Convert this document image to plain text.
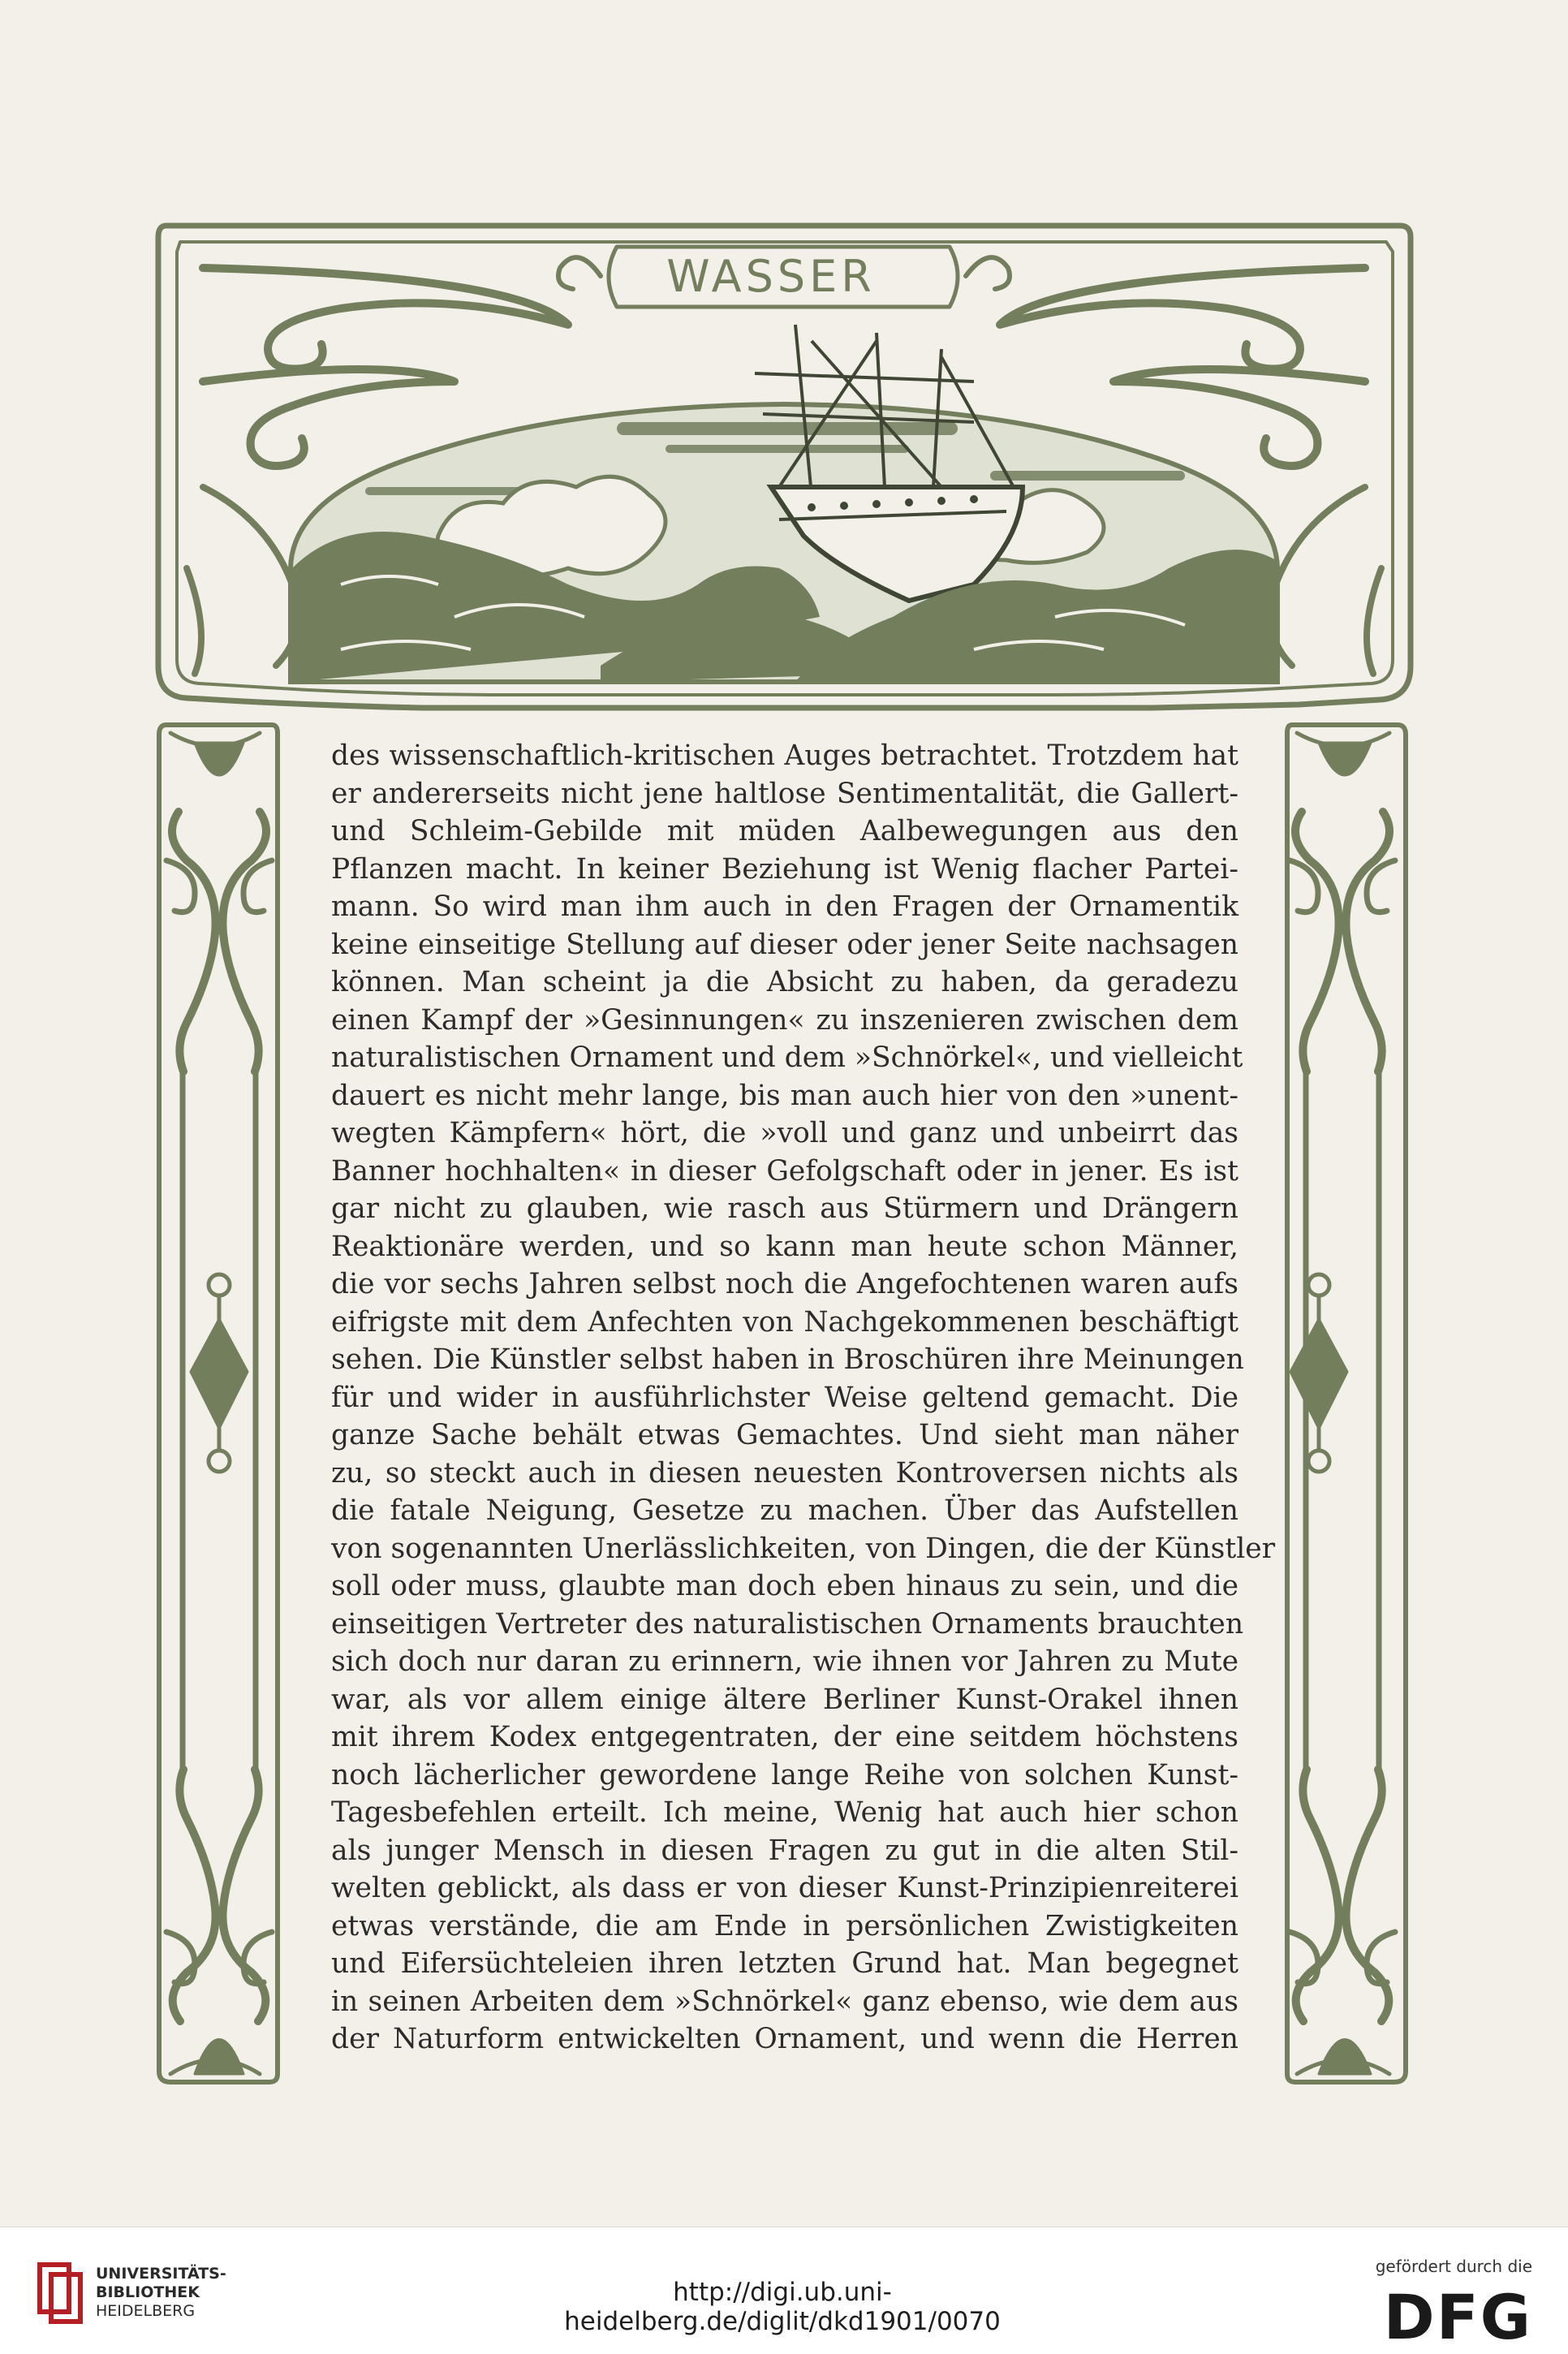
WASSER
des wissenschaftlich-kritischen Auges betrachtet. Trotzdem hat
er andererseits nicht jene haltlose Sentimentalität, die Gallert-
und Schleim-Gebilde mit müden Aalbewegungen aus den
Pflanzen macht. In keiner Beziehung ist Wenig flacher Partei-
mann. So wird man ihm auch in den Fragen der Ornamentik
keine einseitige Stellung auf dieser oder jener Seite nachsagen
können. Man scheint ja die Absicht zu haben, da geradezu
einen Kampf der »Gesinnungen« zu inszenieren zwischen dem
naturalistischen Ornament und dem »Schnörkel«, und vielleicht
dauert es nicht mehr lange, bis man auch hier von den »unent-
wegten Kämpfern« hört, die »voll und ganz und unbeirrt das
Banner hochhalten« in dieser Gefolgschaft oder in jener. Es ist
gar nicht zu glauben, wie rasch aus Stürmern und Drängern
Reaktionäre werden, und so kann man heute schon Männer,
die vor sechs Jahren selbst noch die Angefochtenen waren aufs
eifrigste mit dem Anfechten von Nachgekommenen beschäftigt
sehen. Die Künstler selbst haben in Broschüren ihre Meinungen
für und wider in ausführlichster Weise geltend gemacht. Die
ganze Sache behält etwas Gemachtes. Und sieht man näher
zu, so steckt auch in diesen neuesten Kontroversen nichts als
die fatale Neigung, Gesetze zu machen. Über das Aufstellen
von sogenannten Unerlässlichkeiten, von Dingen, die der Künstler
soll oder muss, glaubte man doch eben hinaus zu sein, und die
einseitigen Vertreter des naturalistischen Ornaments brauchten
sich doch nur daran zu erinnern, wie ihnen vor Jahren zu Mute
war, als vor allem einige ältere Berliner Kunst-Orakel ihnen
mit ihrem Kodex entgegentraten, der eine seitdem höchstens
noch lächerlicher gewordene lange Reihe von solchen Kunst-
Tagesbefehlen erteilt. Ich meine, Wenig hat auch hier schon
als junger Mensch in diesen Fragen zu gut in die alten Stil-
welten geblickt, als dass er von dieser Kunst-Prinzipienreiterei
etwas verstände, die am Ende in persönlichen Zwistigkeiten
und Eifersüchteleien ihren letzten Grund hat. Man begegnet
in seinen Arbeiten dem »Schnörkel« ganz ebenso, wie dem aus
der Naturform entwickelten Ornament, und wenn die Herren
UNIVERSITÄTS-
BIBLIOTHEK
HEIDELBERG
http://digi.ub.uni-heidelberg.de/diglit/dkd1901/0070
gefördert durch die
DFG
